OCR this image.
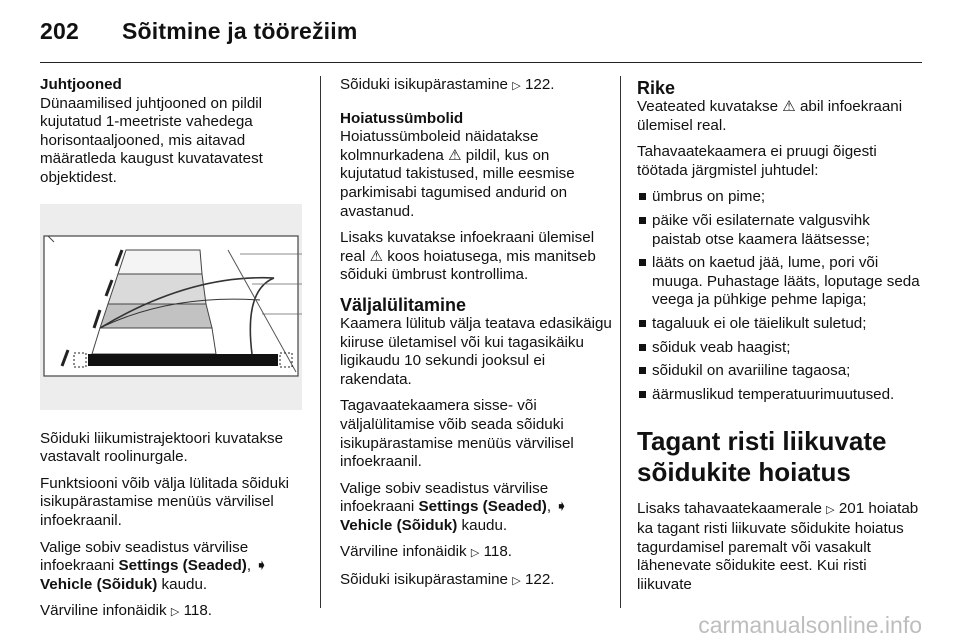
202 Sõitmine ja töörežiim

Juhtjooned

Dünaamilised juhtjooned on pildil kujutatud 1-meetriste vahedega horisontaaljooned, mis aitavad määratleda kaugust kuvatavatest objektidest.

Sõiduki liikumistrajektoori kuvatakse vastavalt roolinurgale.

Funktsiooni võib välja lülitada sõiduki isikupärastamise menüüs värvilisel infoekraanil.

Valige sobiv seadistus värvilise infoekraani Settings (Seaded), ➧ Vehicle (Sõiduk) kaudu.

Värviline infonäidik ▷ 118.

Sõiduki isikupärastamine ▷ 122.

Hoiatussümbolid

Hoiatussümboleid näidatakse kolmnurkadena ⚠ pildil, kus on kujutatud takistused, mille eesmise parkimisabi tagumised andurid on avastanud.

Lisaks kuvatakse infoekraani ülemisel real ⚠ koos hoiatusega, mis manitseb sõiduki ümbrust kontrollima.

Väljalülitamine

Kaamera lülitub välja teatava edasikäigu kiiruse ületamisel või kui tagasikäiku ligikaudu 10 sekundi jooksul ei rakendata.

Tagavaatekaamera sisse- või väljalülitamise võib seada sõiduki isikupärastamise menüüs värvilisel infoekraanil.

Valige sobiv seadistus värvilise infoekraani Settings (Seaded), ➧ Vehicle (Sõiduk) kaudu.

Värviline infonäidik ▷ 118.

Sõiduki isikupärastamine ▷ 122.

Rike

Veateated kuvatakse ⚠ abil infoekraani ülemisel real.

Tahavaatekaamera ei pruugi õigesti töötada järgmistel juhtudel:

ümbrus on pime;
päike või esilaternate valgusvihk paistab otse kaamera läätsesse;
lääts on kaetud jää, lume, pori või muuga. Puhastage lääts, loputage seda veega ja pühkige pehme lapiga;
tagaluuk ei ole täielikult suletud;
sõiduk veab haagist;
sõidukil on avariiline tagaosa;
äärmuslikud temperatuurimuutused.

Tagant risti liikuvate sõidukite hoiatus

Lisaks tahavaatekaamerale ▷ 201 hoiatab ka tagant risti liikuvate sõidukite hoiatus tagurdamisel paremalt või vasakult lähenevate sõidukite eest. Kui risti liikuvate

carmanualsonline.info
